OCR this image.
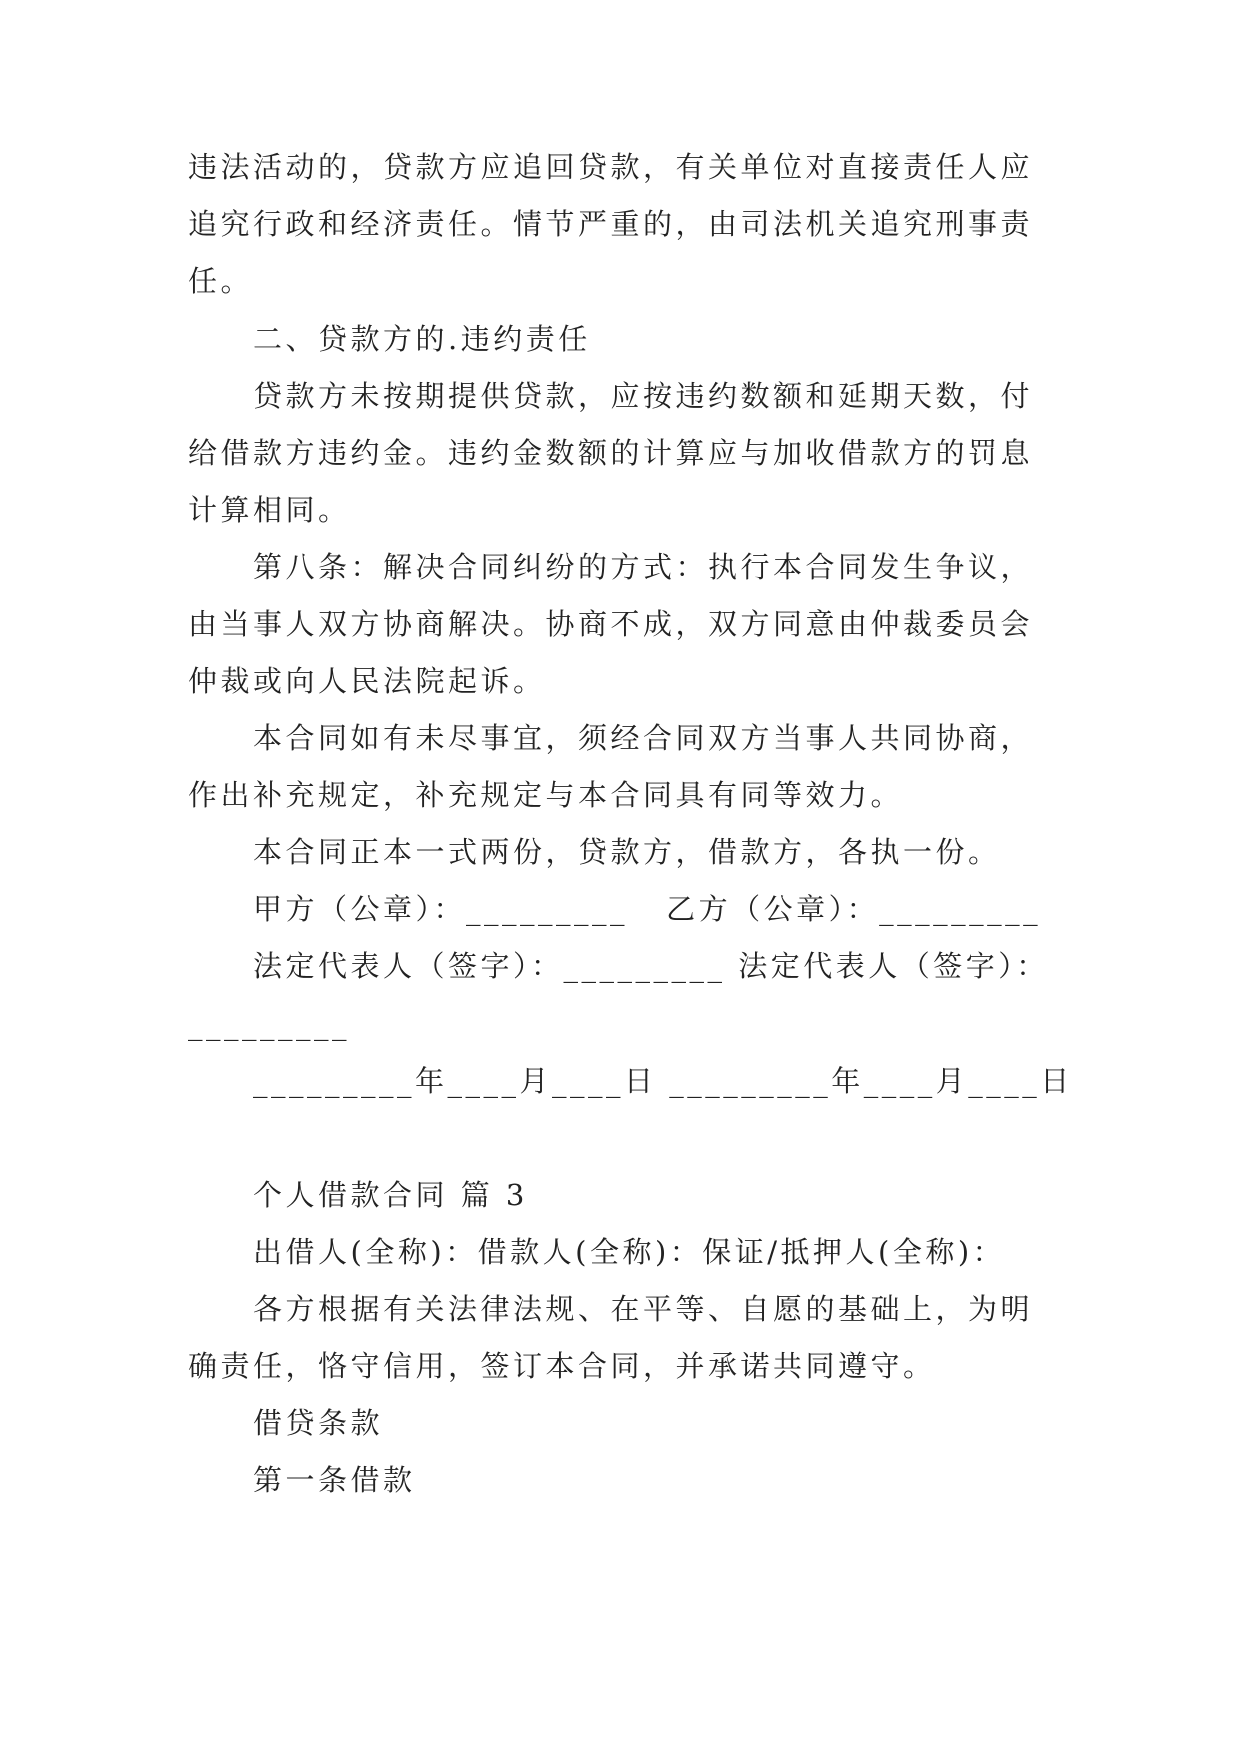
违法活动的，贷款方应追回贷款，有关单位对直接责任人应
追究行政和经济责任。情节严重的，由司法机关追究刑事责
任。
二、贷款方的.违约责任
贷款方未按期提供贷款，应按违约数额和延期天数，付
给借款方违约金。违约金数额的计算应与加收借款方的罚息
计算相同。
第八条：解决合同纠纷的方式：执行本合同发生争议，
由当事人双方协商解决。协商不成，双方同意由仲裁委员会
仲裁或向人民法院起诉。
本合同如有未尽事宜，须经合同双方当事人共同协商，
作出补充规定，补充规定与本合同具有同等效力。
本合同正本一式两份，贷款方，借款方，各执一份。
甲方（公章）：_________   乙方（公章）：_________
法定代表人（签字）：_________ 法定代表人（签字）：
_________
_________年____月____日 _________年____月____日
个人借款合同 篇 3
出借人(全称)：借款人(全称)：保证/抵押人(全称)：
各方根据有关法律法规、在平等、自愿的基础上，为明
确责任，恪守信用，签订本合同，并承诺共同遵守。
借贷条款
第一条借款
